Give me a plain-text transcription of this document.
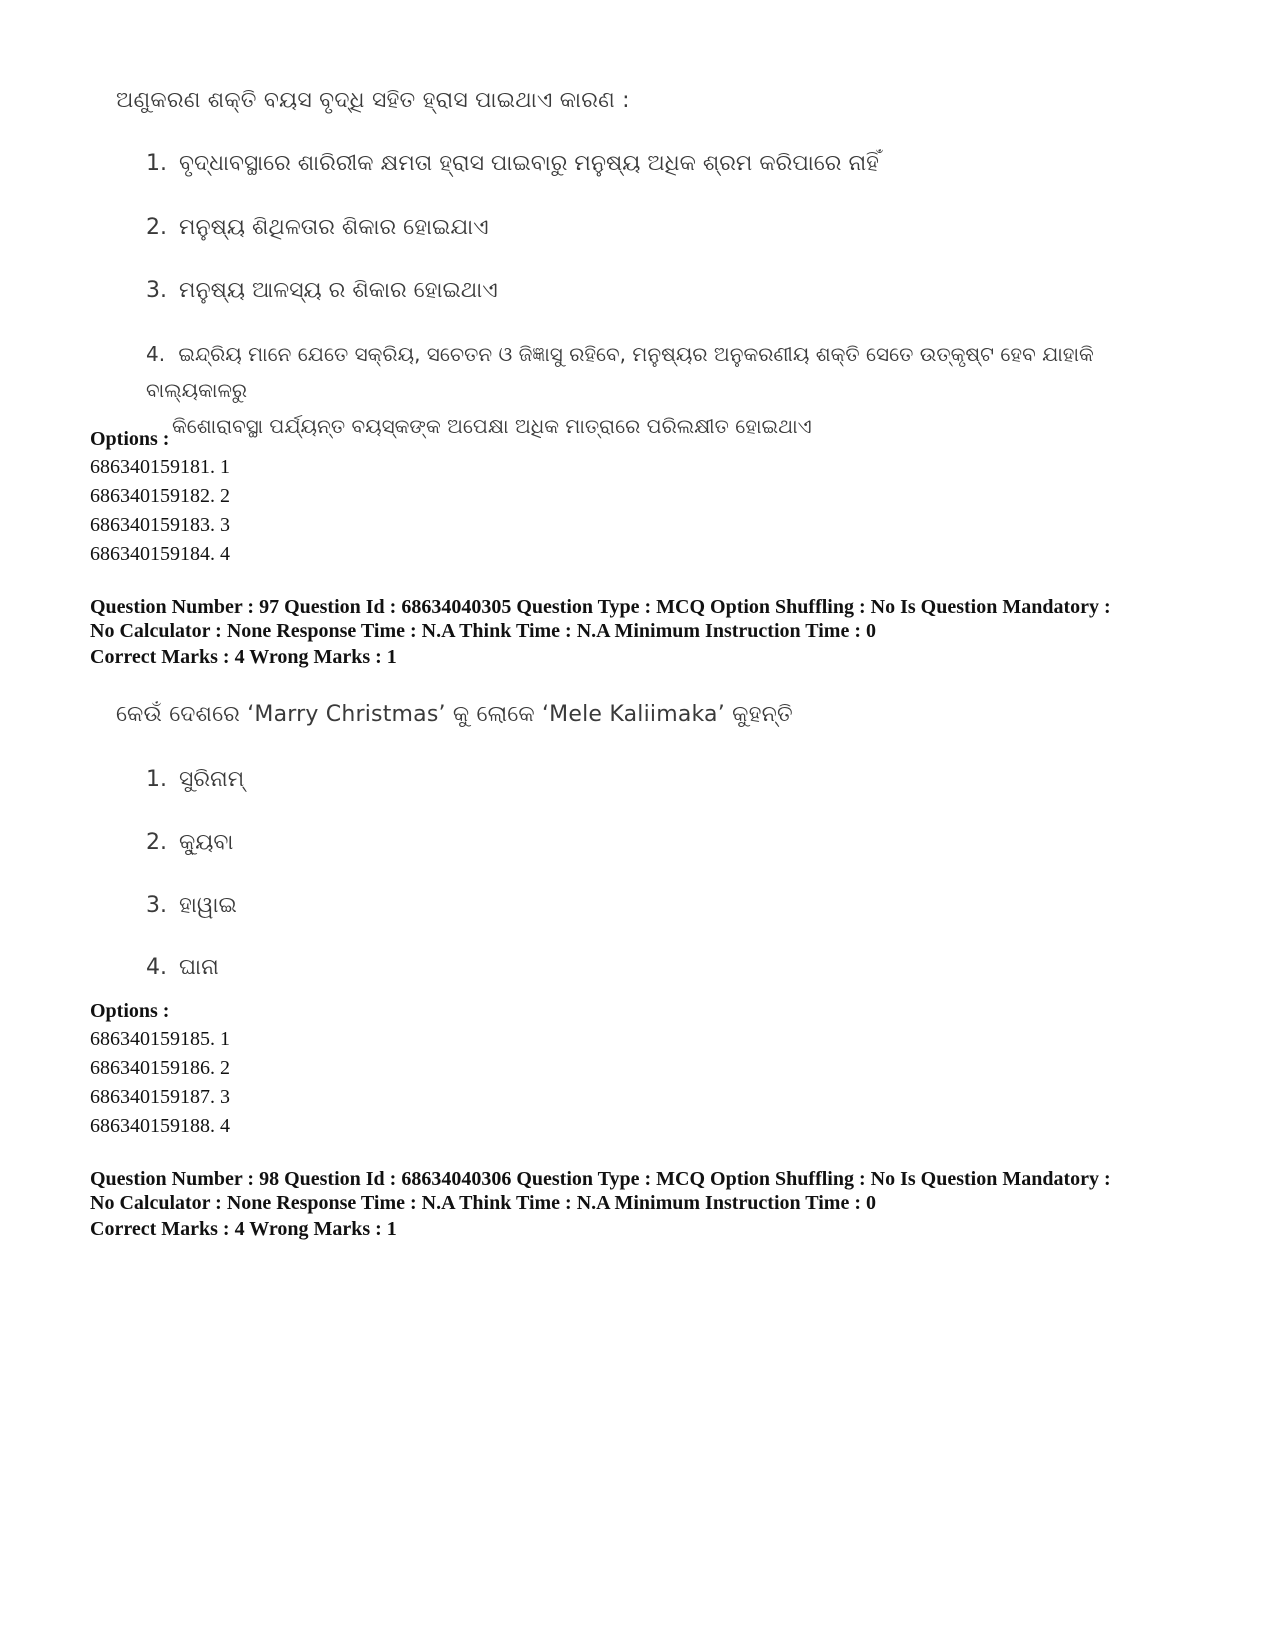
ଅଣୁକରଣ ଶକ୍ତି ବୟସ ବୃଦ୍ଧି ସହିତ ହ୍ରାସ ପାଇଥାଏ କାରଣ :
1. ବୃଦ୍ଧାବସ୍ଥାରେ ଶାରିରୀକ କ୍ଷମତା ହ୍ରାସ ପାଇବାରୁ ମନୁଷ୍ୟ ଅଧିକ ଶ୍ରମ କରିପାରେ ନାହିଁ
2. ମନୁଷ୍ୟ ଶିଥିଳତାର ଶିକାର ହୋଇଯାଏ
3. ମନୁଷ୍ୟ ଆଳସ୍ୟ ର ଶିକାର ହୋଇଥାଏ
4. ଇନ୍ଦ୍ରିୟ ମାନେ ଯେତେ ସକ୍ରିୟ, ସଚେତନ ଓ ଜିଜ୍ଞାସୁ ରହିବେ, ମନୁଷ୍ୟର ଅନୁକରଣୀୟ ଶକ୍ତି ସେତେ ଉତ୍କୃଷ୍ଟ ହେବ ଯାହାକି ବାଲ୍ୟକାଳରୁ
କିଶୋରାବସ୍ଥା ପର୍ଯ୍ୟନ୍ତ ବୟସ୍କଙ୍କ ଅପେକ୍ଷା ଅଧିକ ମାତ୍ରାରେ ପରିଲକ୍ଷୀତ ହୋଇଥାଏ
Options :
686340159181. 1
686340159182. 2
686340159183. 3
686340159184. 4
Question Number : 97 Question Id : 68634040305 Question Type : MCQ Option Shuffling : No Is Question Mandatory :
No Calculator : None Response Time : N.A Think Time : N.A Minimum Instruction Time : 0
Correct Marks : 4 Wrong Marks : 1
କେଉଁ ଦେଶରେ ‘Marry Christmas’ କୁ ଲୋକେ ‘Mele Kaliimaka’ କୁହନ୍ତି
1. ସୁରିନାମ୍
2. କ୍ୟୁବା
3. ହାୱାଇ
4. ଘାନା
Options :
686340159185. 1
686340159186. 2
686340159187. 3
686340159188. 4
Question Number : 98 Question Id : 68634040306 Question Type : MCQ Option Shuffling : No Is Question Mandatory :
No Calculator : None Response Time : N.A Think Time : N.A Minimum Instruction Time : 0
Correct Marks : 4 Wrong Marks : 1
